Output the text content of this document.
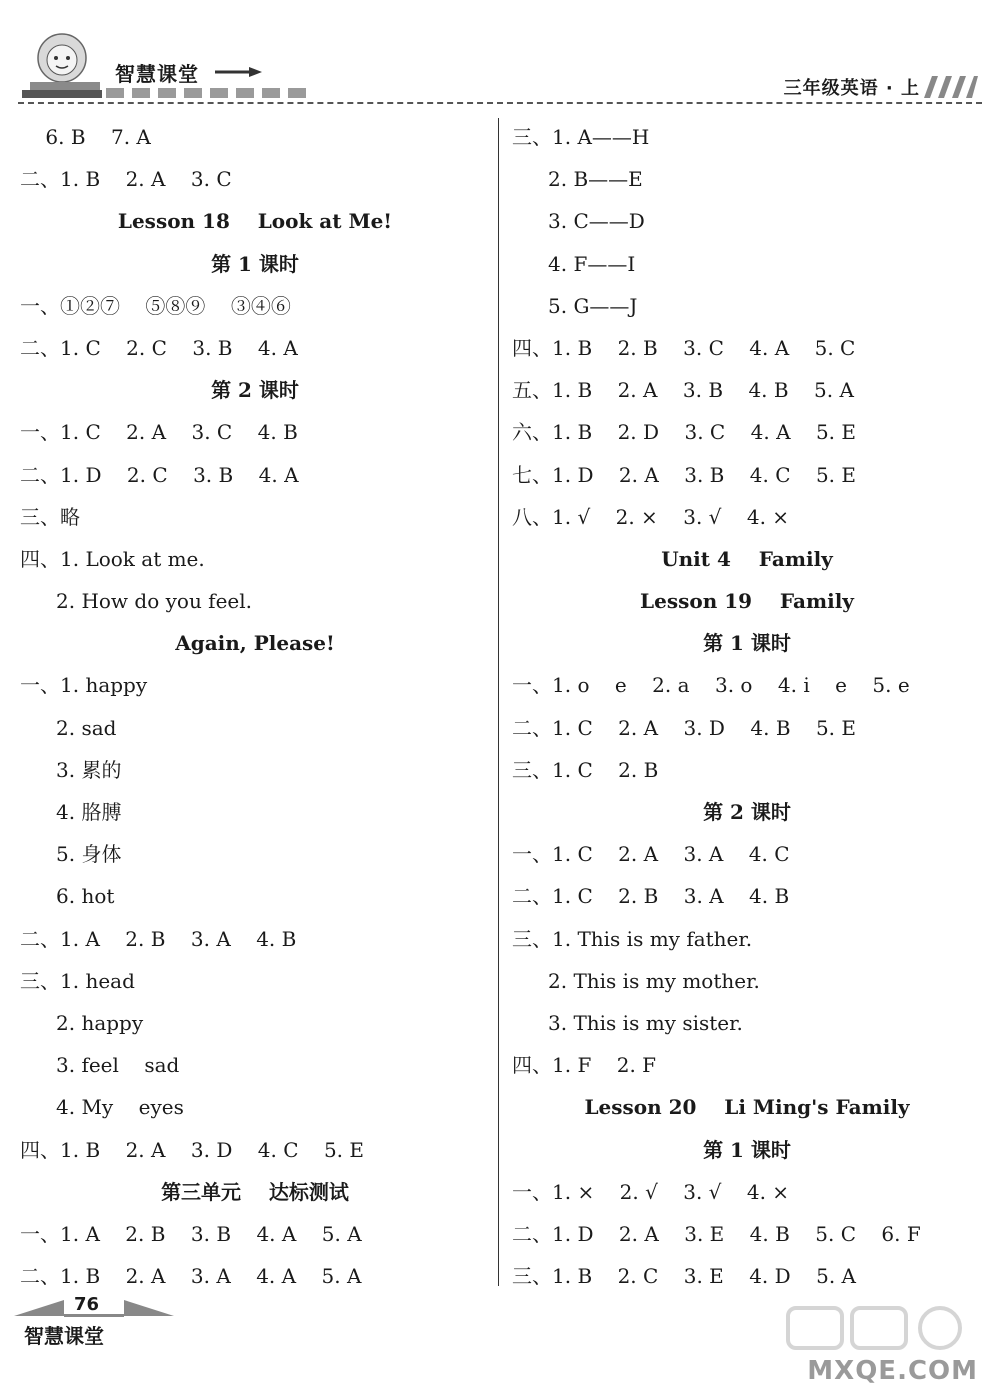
智慧课堂
三年级英语 · 上
6. B    7. A
二、1. B    2. A    3. C
Lesson 18    Look at Me!
第 1 课时
一、①②⑦    ⑤⑧⑨    ③④⑥
二、1. C    2. C    3. B    4. A
第 2 课时
一、1. C    2. A    3. C    4. B
二、1. D    2. C    3. B    4. A
三、略
四、1. Look at me.
2. How do you feel.
Again, Please!
一、1. happy
2. sad
3. 累的
4. 胳膊
5. 身体
6. hot
二、1. A    2. B    3. A    4. B
三、1. head
2. happy
3. feel    sad
4. My    eyes
四、1. B    2. A    3. D    4. C    5. E
第三单元    达标测试
一、1. A    2. B    3. B    4. A    5. A
二、1. B    2. A    3. A    4. A    5. A
三、1. A——H
2. B——E
3. C——D
4. F——I
5. G——J
四、1. B    2. B    3. C    4. A    5. C
五、1. B    2. A    3. B    4. B    5. A
六、1. B    2. D    3. C    4. A    5. E
七、1. D    2. A    3. B    4. C    5. E
八、1. √    2. ×    3. √    4. ×
Unit 4    Family
Lesson 19    Family
第 1 课时
一、1. o    e    2. a    3. o    4. i    e    5. e
二、1. C    2. A    3. D    4. B    5. E
三、1. C    2. B
第 2 课时
一、1. C    2. A    3. A    4. C
二、1. C    2. B    3. A    4. B
三、1. This is my father.
2. This is my mother.
3. This is my sister.
四、1. F    2. F
Lesson 20    Li Ming's Family
第 1 课时
一、1. ×    2. √    3. √    4. ×
二、1. D    2. A    3. E    4. B    5. C    6. F
三、1. B    2. C    3. E    4. D    5. A
76
智慧课堂
MXQE.COM
